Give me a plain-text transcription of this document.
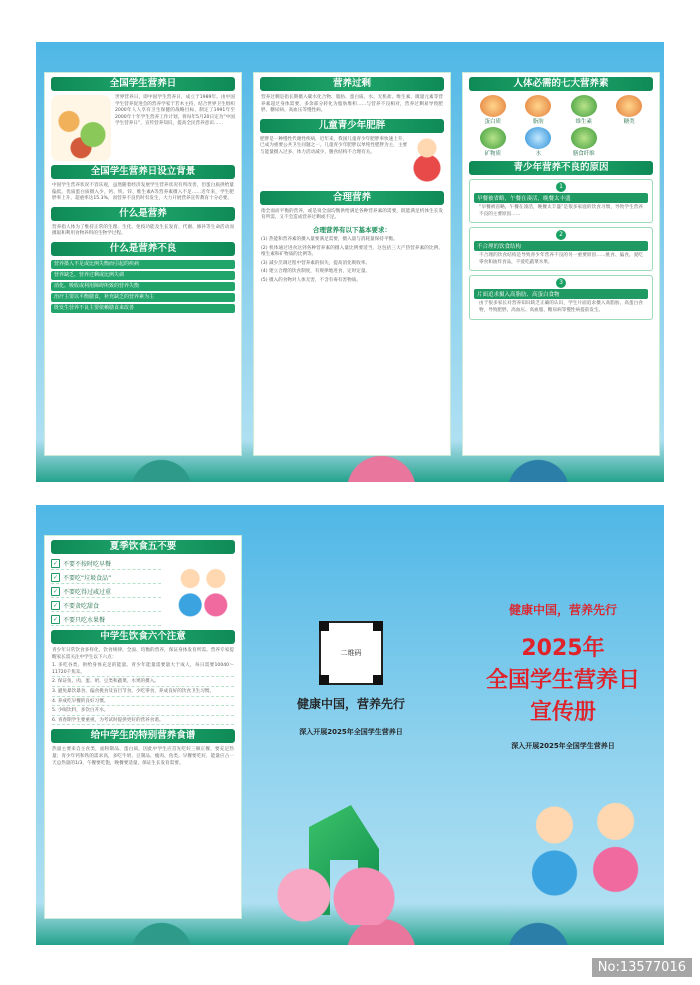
全国学生营养日
世界营养日，即中国学生营养日，成立于1989年。由中国学生营养促进会的营养学家于若木主持，结合世界卫生组织2000年人人享有卫生保健的战略目标，制定了1991年至2000年十年学生营养工作计划，将每年5月20日定为“中国学生营养日”，宣传营养知识，提高全民营养意识……
全国学生营养日设立背景
中国学生营养状况不容乐观，虽然随着经济发展学生营养状况有所改善，但蛋白质供给量偏低，优质蛋白质摄入少，钙、铁、锌、维生素A等营养素摄入不足……近年来，学生肥胖率上升、超重率达15.3%，而营养不良仍时有发生，大力开展营养宣传教育十分必要。
什么是营养
营养指人体为了维持正常的生理、生化、免疫功能及生长发育、代谢、修补等生命活动而摄取和利用食物养料的生物学过程。
什么是营养不良
营养摄入不足或比例失衡而引起的疾病
营养缺乏、营养过剩或比例失调
消化、吸收或利用障碍所致的营养失衡
治疗主要以平衡膳食，补充缺乏的营养素为主
既发生营养不良主要依赖膳食来改善
营养过剩
营养过剩是指长期摄入碳水化合物、脂肪、蛋白质、水、无机盐、维生素、微量元素等营养素超过身体需要，多余部分转化为脂肪堆积……与营养不良相对，营养过剩易导致肥胖、糖尿病、高血压等慢性病。
儿童青少年肥胖
肥胖是一种慢性代谢性疾病，近年来，我国儿童青少年肥胖率快速上升，已成为重要公共卫生问题之一。儿童青少年肥胖以单纯性肥胖为主，主要与能量摄入过多、体力活动减少、膳食结构不合理有关。
合理营养
指全面而平衡的营养，或是说全面均衡供给满足各种营养素的需要，既能满足机体生长发育所需，又不会造成营养过剩或不足。
合理营养有以下基本要求：
(1) 热能和营养素的摄入量要满足需要，摄入量与消耗量保持平衡。
(2) 机体通过进食达到各种营养素的摄入量比例要适当，这包括三大产热营养素的比例、维生素和矿物质的比例等。
(3) 减少烹调过程中营养素的损失，提高消化吸收率。
(4) 建立合理的饮食制度，有规律地进食，定时定量。
(5) 摄入的食物对人体无害，不含有毒有害物质。
人体必需的七大营养素
蛋白质	脂肪	维生素	糖类
矿物质	水	膳食纤维
青少年营养不良的原因
1
早餐被省略，午餐在凑活，晚餐太丰盛
“早餐被省略，午餐在凑活，晚餐太丰盛”是很多家庭的饮食习惯，导致学生营养不良的主要原因……
2
不合理的饮食结构
不合理的饮食结构是导致青少年营养不良的另一重要原因……挑食、偏食，爱吃零食和油炸食品，不爱吃蔬菜水果。
3
片面追求摄入高脂肪、高蛋白食物
由于很多家长对营养知识缺乏正确的认识，学生片面追求摄入高脂肪、高蛋白食物，导致肥胖、高血压、高血脂、糖尿病等慢性病提前发生。
夏季饮食五不要
✓ 不要不按时吃早餐
✓ 不要吃“垃圾食品”
✓ 不要吃得过咸过重
✓ 不要贪吃甜食
✓ 不要只吃水果餐
中学生饮食六个注意
青少年日常饮食多样化，饮食规律、全面、均衡的营养，保证身体发育所需。营养专家提醒家长需关注中学生以下六点：
1. 多吃谷类，供给身体充足的能量。青少年能量需要量大于成人，每日需要10040～11720千焦耳。
2. 保证鱼、肉、蛋、奶、豆类和蔬菜、水果的摄入。
3. 避免暴饮暴食、偏食挑食及盲目节食，少吃零食，养成良好的饮食卫生习惯。
4. 养成吃早餐的良好习惯。
5. 少喝饮料，多饮白开水。
6. 青春期学生要重视，为考试时提供更好的营养食谱。
给中学生的特别营养食谱
热量主要来自主食类，面粉制品、蛋白质，因此中学生应首先吃好三顿正餐，要充足热量；青少年钙和铁的需求高，多吃牛奶、豆制品、瘦肉、鱼类。早餐要吃好，能量应占一天总热量的1/3，午餐要吃饱，晚餐要适量，保证生长发育需要。
二维码
健康中国，营养先行
深入开展2025年全国学生营养日
健康中国，营养先行
2025年
全国学生营养日
宣传册
深入开展2025年全国学生营养日
No:13577016
